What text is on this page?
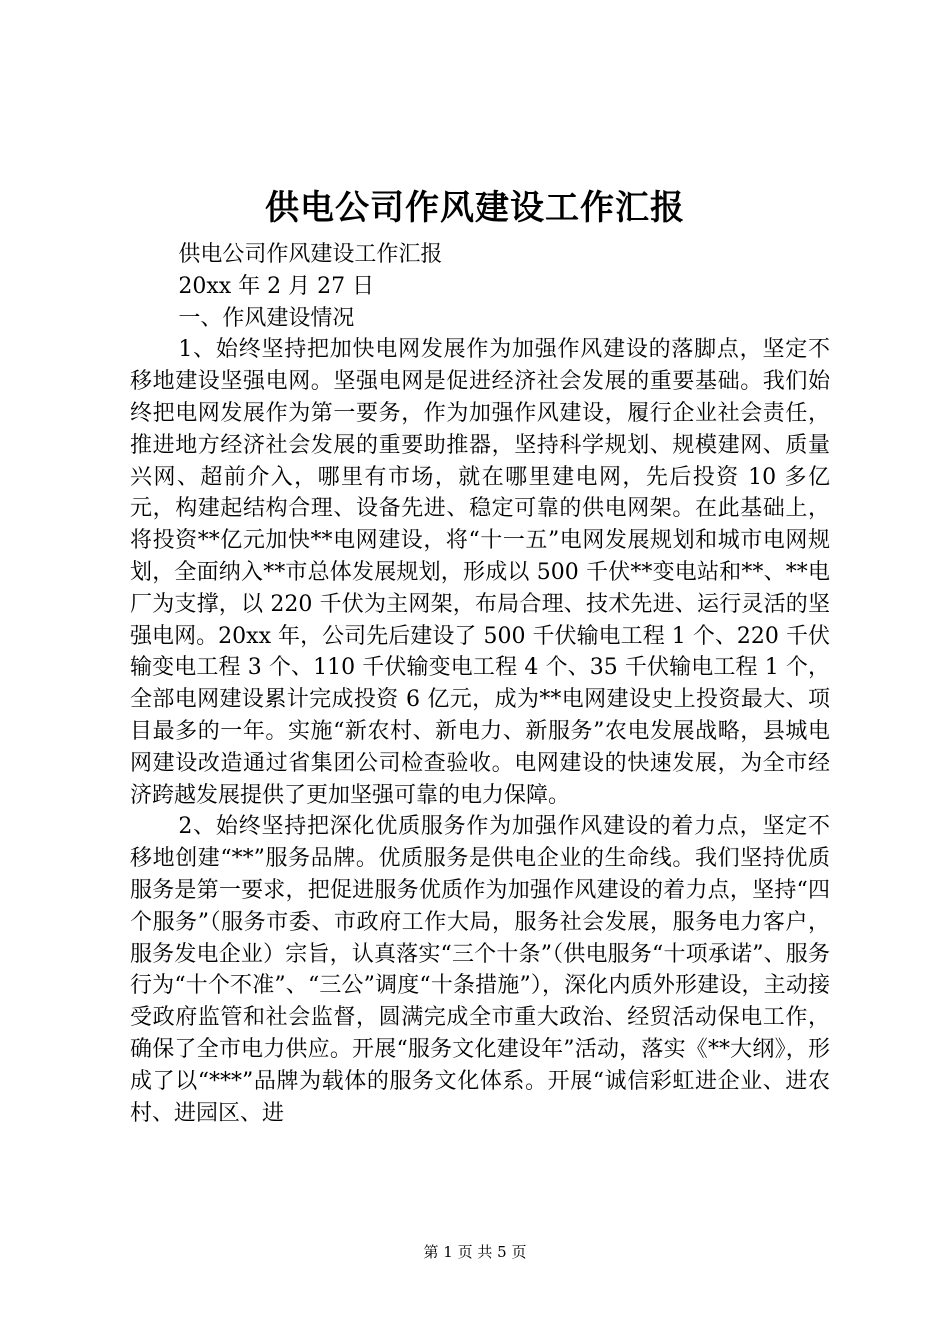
供电公司作风建设工作汇报

供电公司作风建设工作汇报

20xx 年 2 月 27 日

一、作风建设情况

1、始终坚持把加快电网发展作为加强作风建设的落脚点，坚定不移地建设坚强电网。坚强电网是促进经济社会发展的重要基础。我们始终把电网发展作为第一要务，作为加强作风建设，履行企业社会责任，推进地方经济社会发展的重要助推器，坚持科学规划、规模建网、质量兴网、超前介入，哪里有市场，就在哪里建电网，先后投资 10 多亿元，构建起结构合理、设备先进、稳定可靠的供电网架。在此基础上，将投资**亿元加快**电网建设，将“十一五”电网发展规划和城市电网规划，全面纳入**市总体发展规划，形成以 500 千伏**变电站和**、**电厂为支撑，以 220 千伏为主网架，布局合理、技术先进、运行灵活的坚强电网。20xx 年，公司先后建设了 500 千伏输电工程 1 个、220 千伏输变电工程 3 个、110 千伏输变电工程 4 个、35 千伏输电工程 1 个，全部电网建设累计完成投资 6 亿元，成为**电网建设史上投资最大、项目最多的一年。实施“新农村、新电力、新服务”农电发展战略，县城电网建设改造通过省集团公司检查验收。电网建设的快速发展，为全市经济跨越发展提供了更加坚强可靠的电力保障。

2、始终坚持把深化优质服务作为加强作风建设的着力点，坚定不移地创建“**”服务品牌。优质服务是供电企业的生命线。我们坚持优质服务是第一要求，把促进服务优质作为加强作风建设的着力点，坚持“四个服务”（服务市委、市政府工作大局，服务社会发展，服务电力客户，服务发电企业）宗旨，认真落实“三个十条”（供电服务“十项承诺”、服务行为“十个不准”、“三公”调度“十条措施”），深化内质外形建设，主动接受政府监管和社会监督，圆满完成全市重大政治、经贸活动保电工作，确保了全市电力供应。开展“服务文化建设年”活动，落实《**大纲》，形成了以“***”品牌为载体的服务文化体系。开展“诚信彩虹进企业、进农村、进园区、进

第 1 页 共 5 页
